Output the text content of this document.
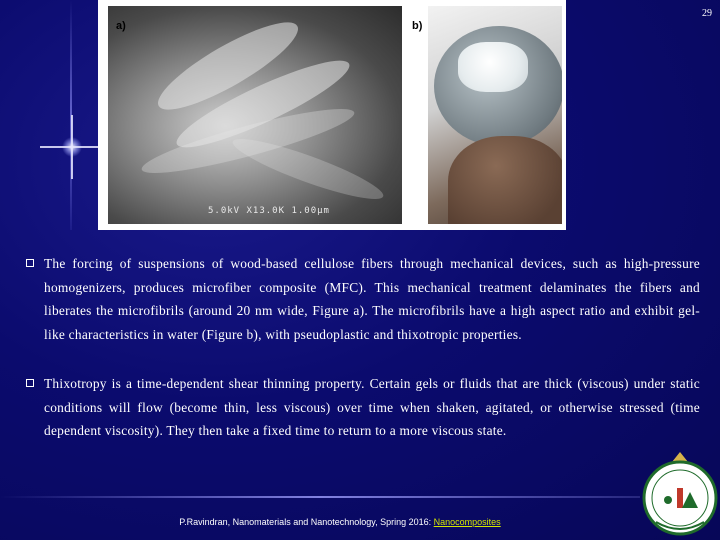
29
5.0kV X13.0K 1.00µm
a)	b)
The forcing of suspensions of wood-based cellulose fibers through mechanical devices, such as high-pressure homogenizers, produces microfiber composite (MFC). This mechanical treatment delaminates the fibers and liberates the microfibrils (around 20 nm wide, Figure a). The microfibrils have a high aspect ratio and exhibit gel-like characteristics in water (Figure b), with pseudoplastic and thixotropic properties.
Thixotropy is a time-dependent shear thinning property. Certain gels or fluids that are thick (viscous) under static conditions will flow (become thin, less viscous) over time when shaken, agitated, or otherwise stressed (time dependent viscosity). They then take a fixed time to return to a more viscous state.
P.Ravindran, Nanomaterials and Nanotechnology, Spring 2016: Nanocomposites
